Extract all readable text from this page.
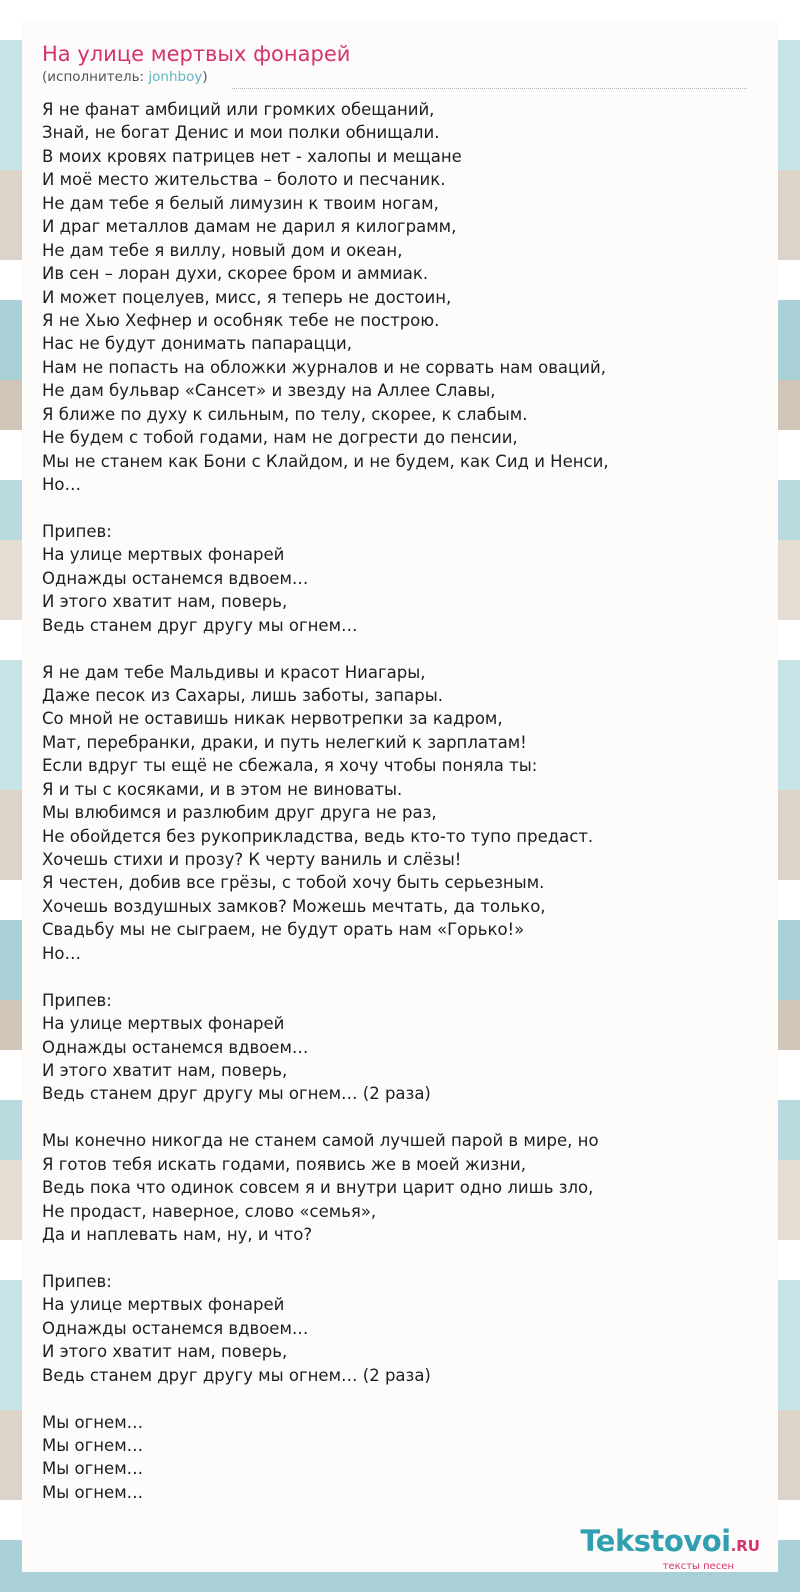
На улице мертвых фонарей
(исполнитель: jonhboy)
Я не фанат амбиций или громких обещаний,
Знай, не богат Денис и мои полки обнищали.
В моих кровях патрицев нет - халопы и мещане
И моё место жительства – болото и песчаник.
Не дам тебе я белый лимузин к твоим ногам,
И драг металлов дамам не дарил я килограмм,
Не дам тебе я виллу, новый дом и океан,
Ив сен – лоран духи, скорее бром и аммиак.
И может поцелуев, мисс, я теперь не достоин,
Я не Хью Хефнер и особняк тебе не построю.
Нас не будут донимать папарацци,
Нам не попасть на обложки журналов и не сорвать нам оваций,
Не дам бульвар «Сансет» и звезду на Аллее Славы,
Я ближе по духу к сильным, по телу, скорее, к слабым.
Не будем с тобой годами, нам не догрести до пенсии,
Мы не станем как Бони с Клайдом, и не будем, как Сид и Ненси,
Но…
Припев:
На улице мертвых фонарей
Однажды останемся вдвоем…
И этого хватит нам, поверь,
Ведь станем друг другу мы огнем…
Я не дам тебе Мальдивы и красот Ниагары,
Даже песок из Сахары, лишь заботы, запары.
Со мной не оставишь никак нервотрепки за кадром,
Мат, перебранки, драки, и путь нелегкий к зарплатам!
Если вдруг ты ещё не сбежала, я хочу чтобы поняла ты:
Я и ты с косяками, и в этом не виноваты.
Мы влюбимся и разлюбим друг друга не раз,
Не обойдется без рукоприкладства, ведь кто-то тупо предаст.
Хочешь стихи и прозу? К черту ваниль и слёзы!
Я честен, добив все грёзы, с тобой хочу быть серьезным.
Хочешь воздушных замков? Можешь мечтать, да только,
Свадьбу мы не сыграем, не будут орать нам «Горько!»
Но…
Припев:
На улице мертвых фонарей
Однажды останемся вдвоем…
И этого хватит нам, поверь,
Ведь станем друг другу мы огнем… (2 раза)
Мы конечно никогда не станем самой лучшей парой в мире, но
Я готов тебя искать годами, появись же в моей жизни,
Ведь пока что одинок совсем я и внутри царит одно лишь зло,
Не продаст, наверное, слово «семья»,
Да и наплевать нам, ну, и что?
Припев:
На улице мертвых фонарей
Однажды останемся вдвоем…
И этого хватит нам, поверь,
Ведь станем друг другу мы огнем… (2 раза)
Мы огнем…
Мы огнем…
Мы огнем…
Мы огнем…
Tekstovoi.RU
тексты песен
